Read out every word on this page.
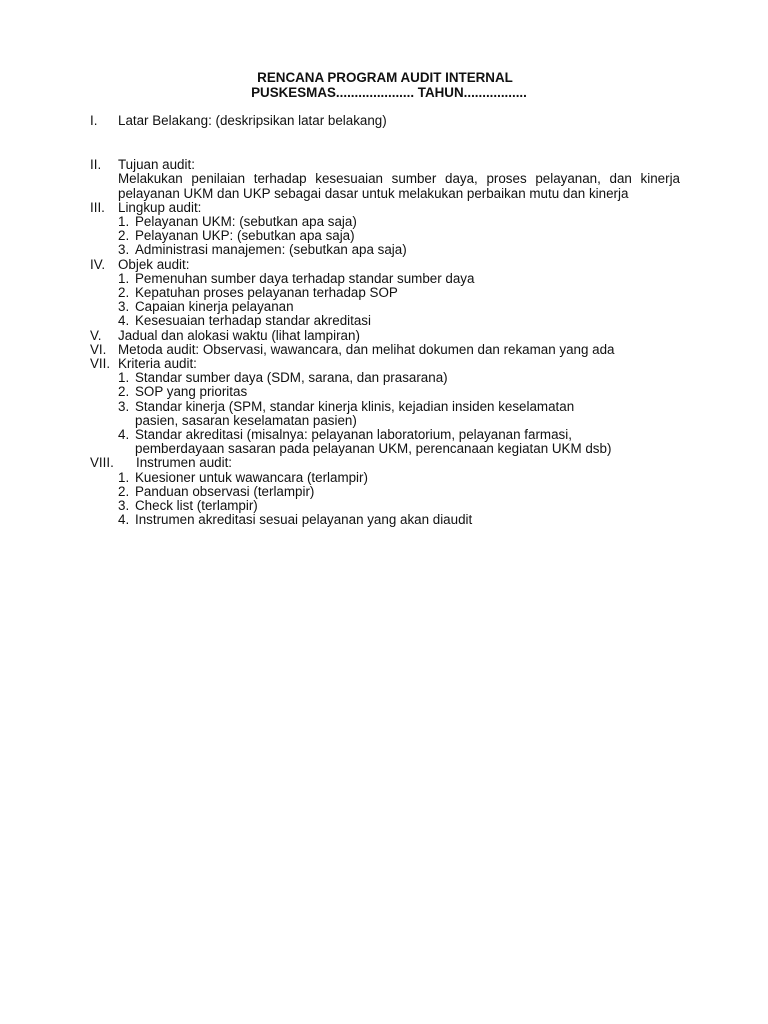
RENCANA PROGRAM AUDIT INTERNAL
PUSKESMAS..................... TAHUN.................
I.	Latar Belakang: (deskripsikan latar belakang)
II.	Tujuan audit:
Melakukan penilaian terhadap kesesuaian sumber daya, proses pelayanan, dan kinerja pelayanan UKM dan UKP sebagai dasar untuk melakukan perbaikan mutu dan kinerja
III. Lingkup audit:
1. Pelayanan UKM: (sebutkan apa saja)
2. Pelayanan UKP: (sebutkan apa saja)
3. Administrasi manajemen: (sebutkan apa saja)
IV. Objek audit:
1. Pemenuhan sumber daya terhadap standar sumber daya
2. Kepatuhan proses pelayanan terhadap SOP
3. Capaian kinerja pelayanan
4. Kesesuaian terhadap standar akreditasi
V.	Jadual dan alokasi waktu (lihat lampiran)
VI. Metoda audit: Observasi, wawancara, dan melihat dokumen dan rekaman yang ada
VII. Kriteria audit:
1. Standar sumber daya (SDM, sarana, dan prasarana)
2. SOP yang prioritas
3. Standar kinerja (SPM, standar kinerja klinis, kejadian insiden keselamatan
pasien, sasaran keselamatan pasien)
4. Standar akreditasi (misalnya: pelayanan laboratorium, pelayanan farmasi,
pemberdayaan sasaran pada pelayanan UKM, perencanaan kegiatan UKM dsb)
VIII.	Instrumen audit:
1. Kuesioner untuk wawancara (terlampir)
2. Panduan observasi (terlampir)
3. Check list (terlampir)
4. Instrumen akreditasi sesuai pelayanan yang akan diaudit
